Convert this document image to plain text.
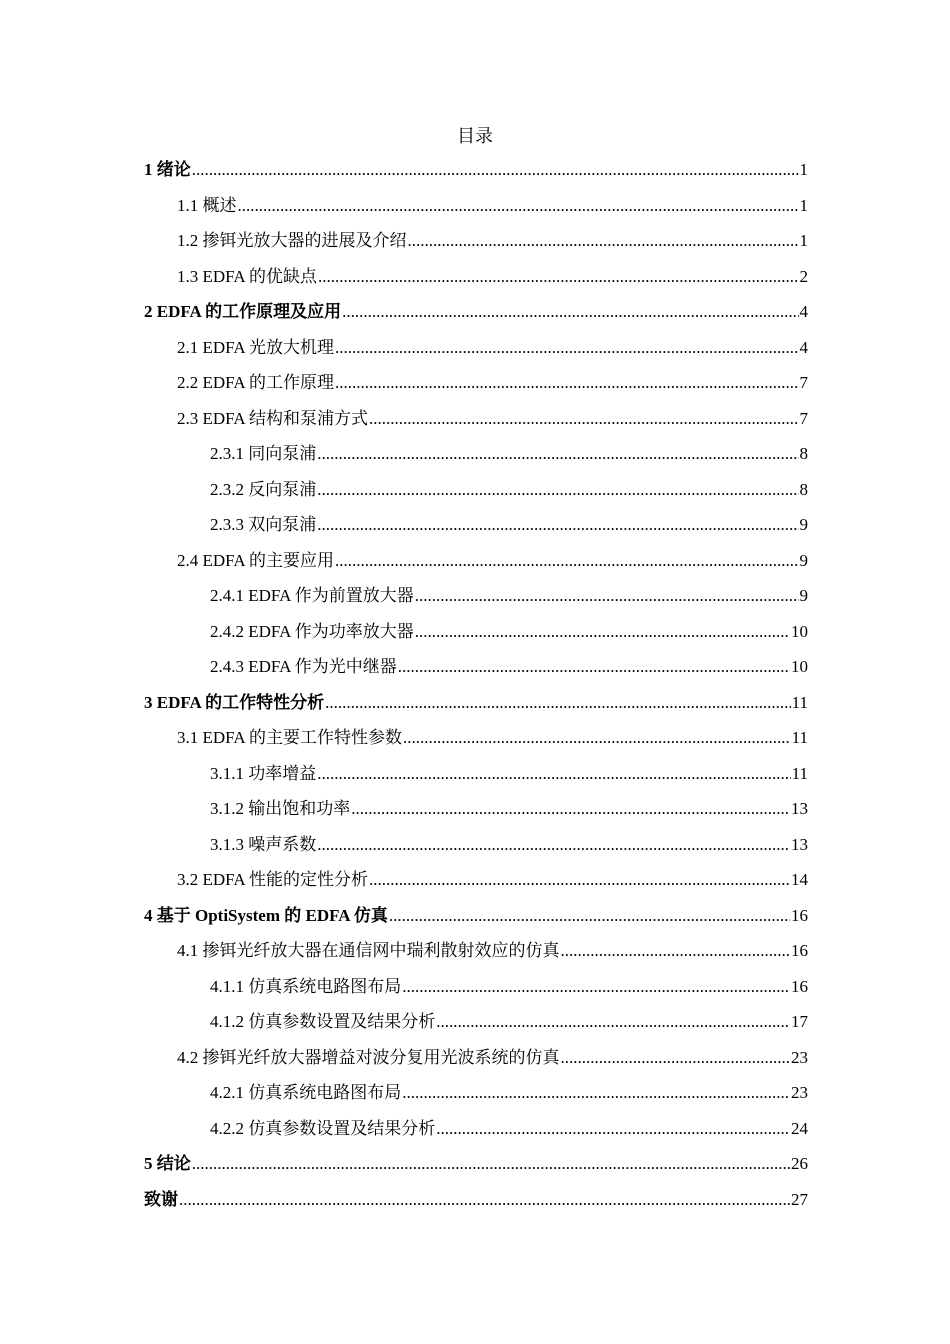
目录
1 绪论 .....	1
1.1 概述 .....	1
1.2 掺铒光放大器的进展及介绍 .....	1
1.3 EDFA 的优缺点 .....	2
2 EDFA 的工作原理及应用 .....	4
2.1 EDFA 光放大机理 .....	4
2.2 EDFA 的工作原理 .....	7
2.3 EDFA 结构和泵浦方式 .....	7
2.3.1 同向泵浦 .....	8
2.3.2 反向泵浦 .....	8
2.3.3 双向泵浦 .....	9
2.4 EDFA 的主要应用 .....	9
2.4.1 EDFA 作为前置放大器 .....	9
2.4.2 EDFA 作为功率放大器 .....	10
2.4.3 EDFA 作为光中继器 .....	10
3 EDFA 的工作特性分析 .....	11
3.1 EDFA 的主要工作特性参数 .....	11
3.1.1 功率增益 .....	11
3.1.2 输出饱和功率 .....	13
3.1.3 噪声系数 .....	13
3.2 EDFA 性能的定性分析 .....	14
4 基于 OptiSystem 的 EDFA 仿真 .....	16
4.1 掺铒光纤放大器在通信网中瑞利散射效应的仿真 .....	16
4.1.1 仿真系统电路图布局 .....	16
4.1.2 仿真参数设置及结果分析 .....	17
4.2 掺铒光纤放大器增益对波分复用光波系统的仿真 .....	23
4.2.1 仿真系统电路图布局 .....	23
4.2.2 仿真参数设置及结果分析 .....	24
5 结论 .....	26
致谢 .....	27
